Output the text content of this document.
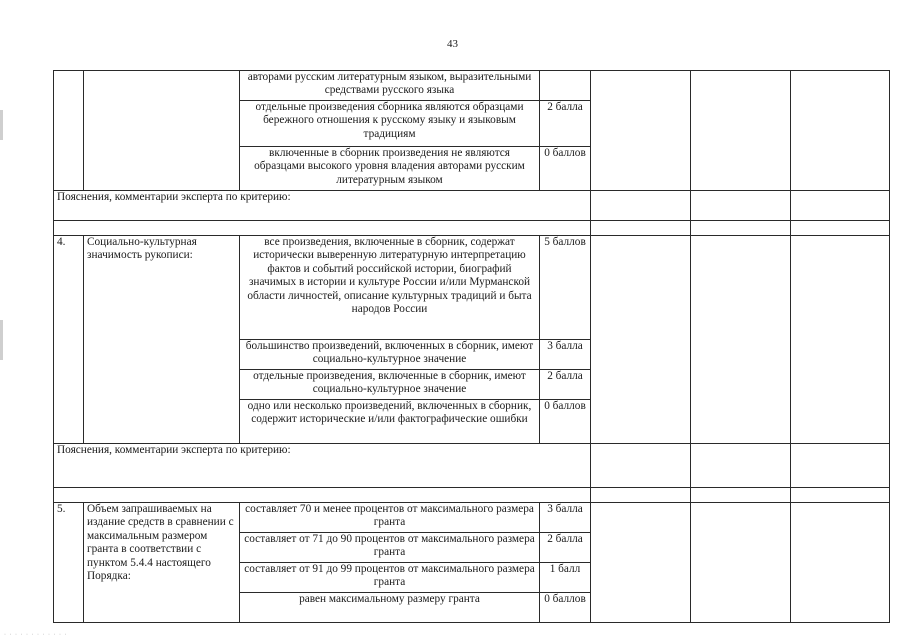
43
		авторами русским литературным языком, выразительными средствами русского языка				
		отдельные произведения сборника являются образцами бережного отношения к русскому языку и языковым традициям	2 балла			
		включенные в сборник произведения не являются образцами высокого уровня владения авторами русским литературным языком	0 баллов			
Пояснения, комментарии эксперта по критерию:						

4.	Социально-культурная значимость рукописи:	все произведения, включенные в сборник, содержат исторически выверенную литературную интерпретацию фактов и событий российской истории, биографий значимых в истории и культуре России и/или Мурманской области личностей, описание культурных традиций и быта народов России	5 баллов			
		большинство произведений, включенных в сборник, имеют социально-культурное значение	3 балла			
		отдельные произведения, включенные в сборник, имеют социально-культурное значение	2 балла			
		одно или несколько произведений, включенных в сборник, содержит исторические и/или фактографические ошибки	0 баллов			
Пояснения, комментарии эксперта по критерию:						

5.	Объем запрашиваемых на издание средств в сравнении с максимальным размером гранта в соответствии с пунктом 5.4.4 настоящего Порядка:	составляет 70 и менее процентов от максимального размера гранта	3 балла			
		составляет от 71 до 90 процентов от максимального размера гранта	2 балла			
		составляет от 91 до 99 процентов от максимального размера гранта	1 балл			
		равен максимальному размеру гранта	0 баллов			
· · · · · · · · · · · ·
